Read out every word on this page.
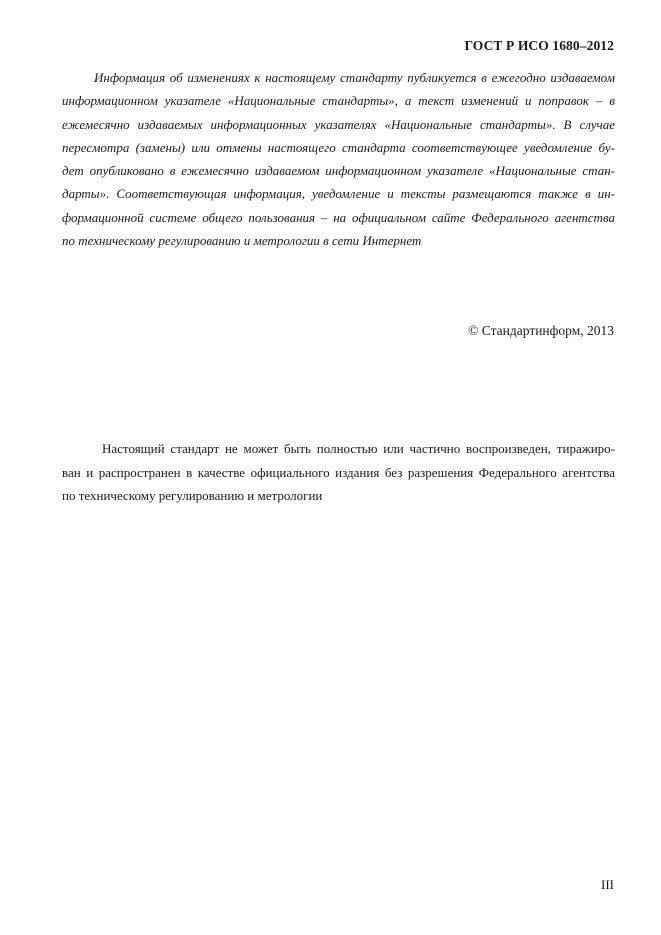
ГОСТ Р ИСО 1680–2012
Информация об изменениях к настоящему стандарту публикуется в ежегодно издаваемом
информационном указателе «Национальные стандарты», а текст изменений и поправок – в
ежемесячно издаваемых информационных указателях «Национальные стандарты». В случае
пересмотра (замены) или отмены настоящего стандарта соответствующее уведомление бу-
дет опубликовано в ежемесячно издаваемом информационном указателе «Национальные стан-
дарты». Соответствующая информация, уведомление и тексты размещаются также в ин-
формационной системе общего пользования – на официальном сайте Федерального агентства
по техническому регулированию и метрологии в сети Интернет
© Стандартинформ, 2013
Настоящий стандарт не может быть полностью или частично воспроизведен, тиражиро-
ван и распространен в качестве официального издания без разрешения Федерального агентства
по техническому регулированию и метрологии
III
